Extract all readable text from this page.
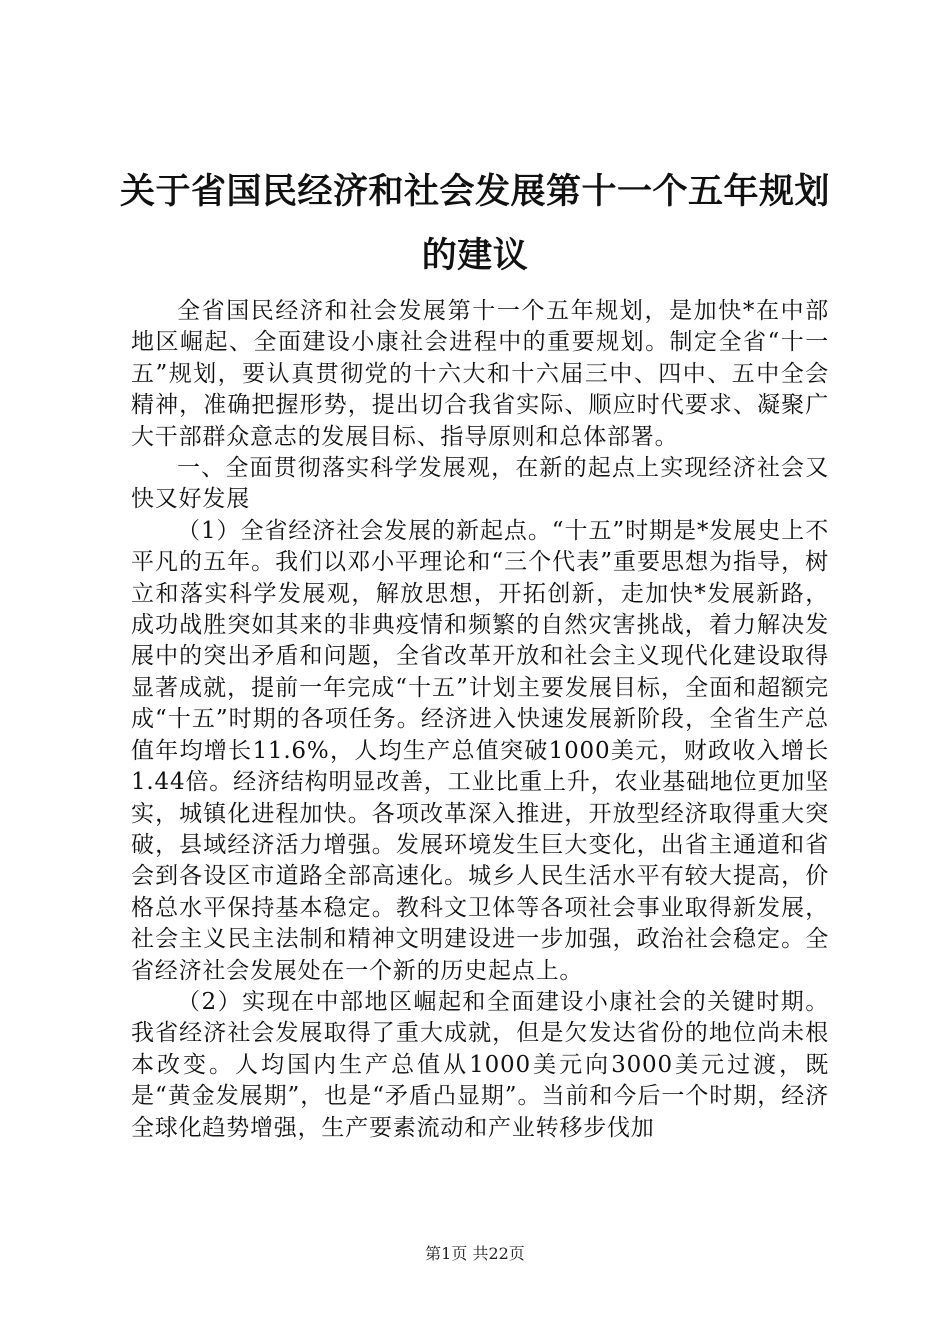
关于省国民经济和社会发展第十一个五年规划
的建议

全省国民经济和社会发展第十一个五年规划，是加快*在中部地区崛起、全面建设小康社会进程中的重要规划。制定全省“十一五”规划，要认真贯彻党的十六大和十六届三中、四中、五中全会精神，准确把握形势，提出切合我省实际、顺应时代要求、凝聚广大干部群众意志的发展目标、指导原则和总体部署。

一、全面贯彻落实科学发展观，在新的起点上实现经济社会又快又好发展

（1）全省经济社会发展的新起点。“十五”时期是*发展史上不平凡的五年。我们以邓小平理论和“三个代表”重要思想为指导，树立和落实科学发展观，解放思想，开拓创新，走加快*发展新路，成功战胜突如其来的非典疫情和频繁的自然灾害挑战，着力解决发展中的突出矛盾和问题，全省改革开放和社会主义现代化建设取得显著成就，提前一年完成“十五”计划主要发展目标，全面和超额完成“十五”时期的各项任务。经济进入快速发展新阶段，全省生产总值年均增长11.6%，人均生产总值突破1000美元，财政收入增长1.44倍。经济结构明显改善，工业比重上升，农业基础地位更加坚实，城镇化进程加快。各项改革深入推进，开放型经济取得重大突破，县域经济活力增强。发展环境发生巨大变化，出省主通道和省会到各设区市道路全部高速化。城乡人民生活水平有较大提高，价格总水平保持基本稳定。教科文卫体等各项社会事业取得新发展，社会主义民主法制和精神文明建设进一步加强，政治社会稳定。全省经济社会发展处在一个新的历史起点上。

（2）实现在中部地区崛起和全面建设小康社会的关键时期。我省经济社会发展取得了重大成就，但是欠发达省份的地位尚未根本改变。人均国内生产总值从1000美元向3000美元过渡，既是“黄金发展期”，也是“矛盾凸显期”。当前和今后一个时期，经济全球化趋势增强，生产要素流动和产业转移步伐加

第1页 共22页
